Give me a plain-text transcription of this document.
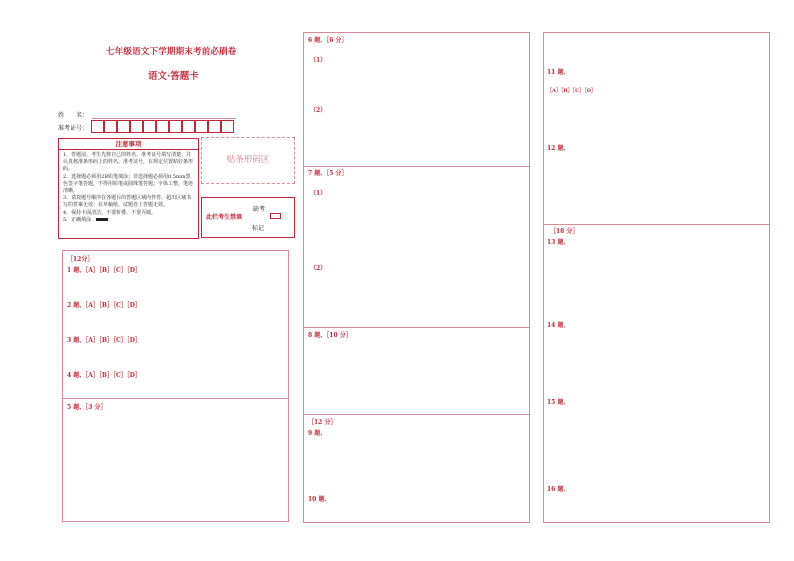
七年级语文下学期期末考前必刷卷
语文·答题卡
姓　　名：
准考证号：
注意事项
1．答题前，考生先将自己的姓名、准考证号填写清楚，并认真核准条形码上的姓名、准考证号，在规定位置贴好条形码。
2．选择题必须用2B铅笔填涂；非选择题必须用0.5mm黑色签字笔答题，不得用铅笔或圆珠笔答题；字体工整、笔迹清晰。
3．请按题号顺序在各题目的答题区域内作答，超出区域书写的答案无效；在草稿纸、试题卷上答题无效。
4．保持卡面清洁，不要折叠、不要弄破。
5．正确填涂
贴条形码区
此栏考生禁填
缺考
标记
［12分］
1 题、［A］［B］［C］［D］
2 题、［A］［B］［C］［D］
3 题、［A］［B］［C］［D］
4 题、［A］［B］［C］［D］
5 题、［3 分］
6 题、［6 分］
（1）
（2）
7 题、［5 分］
（1）
（2）
8 题、［10 分］
［12 分］
9 题、
10 题、
11 题、
［A］［B］［C］［D］
12 题、
［18 分］
13 题、
14 题、
15 题、
16 题、
